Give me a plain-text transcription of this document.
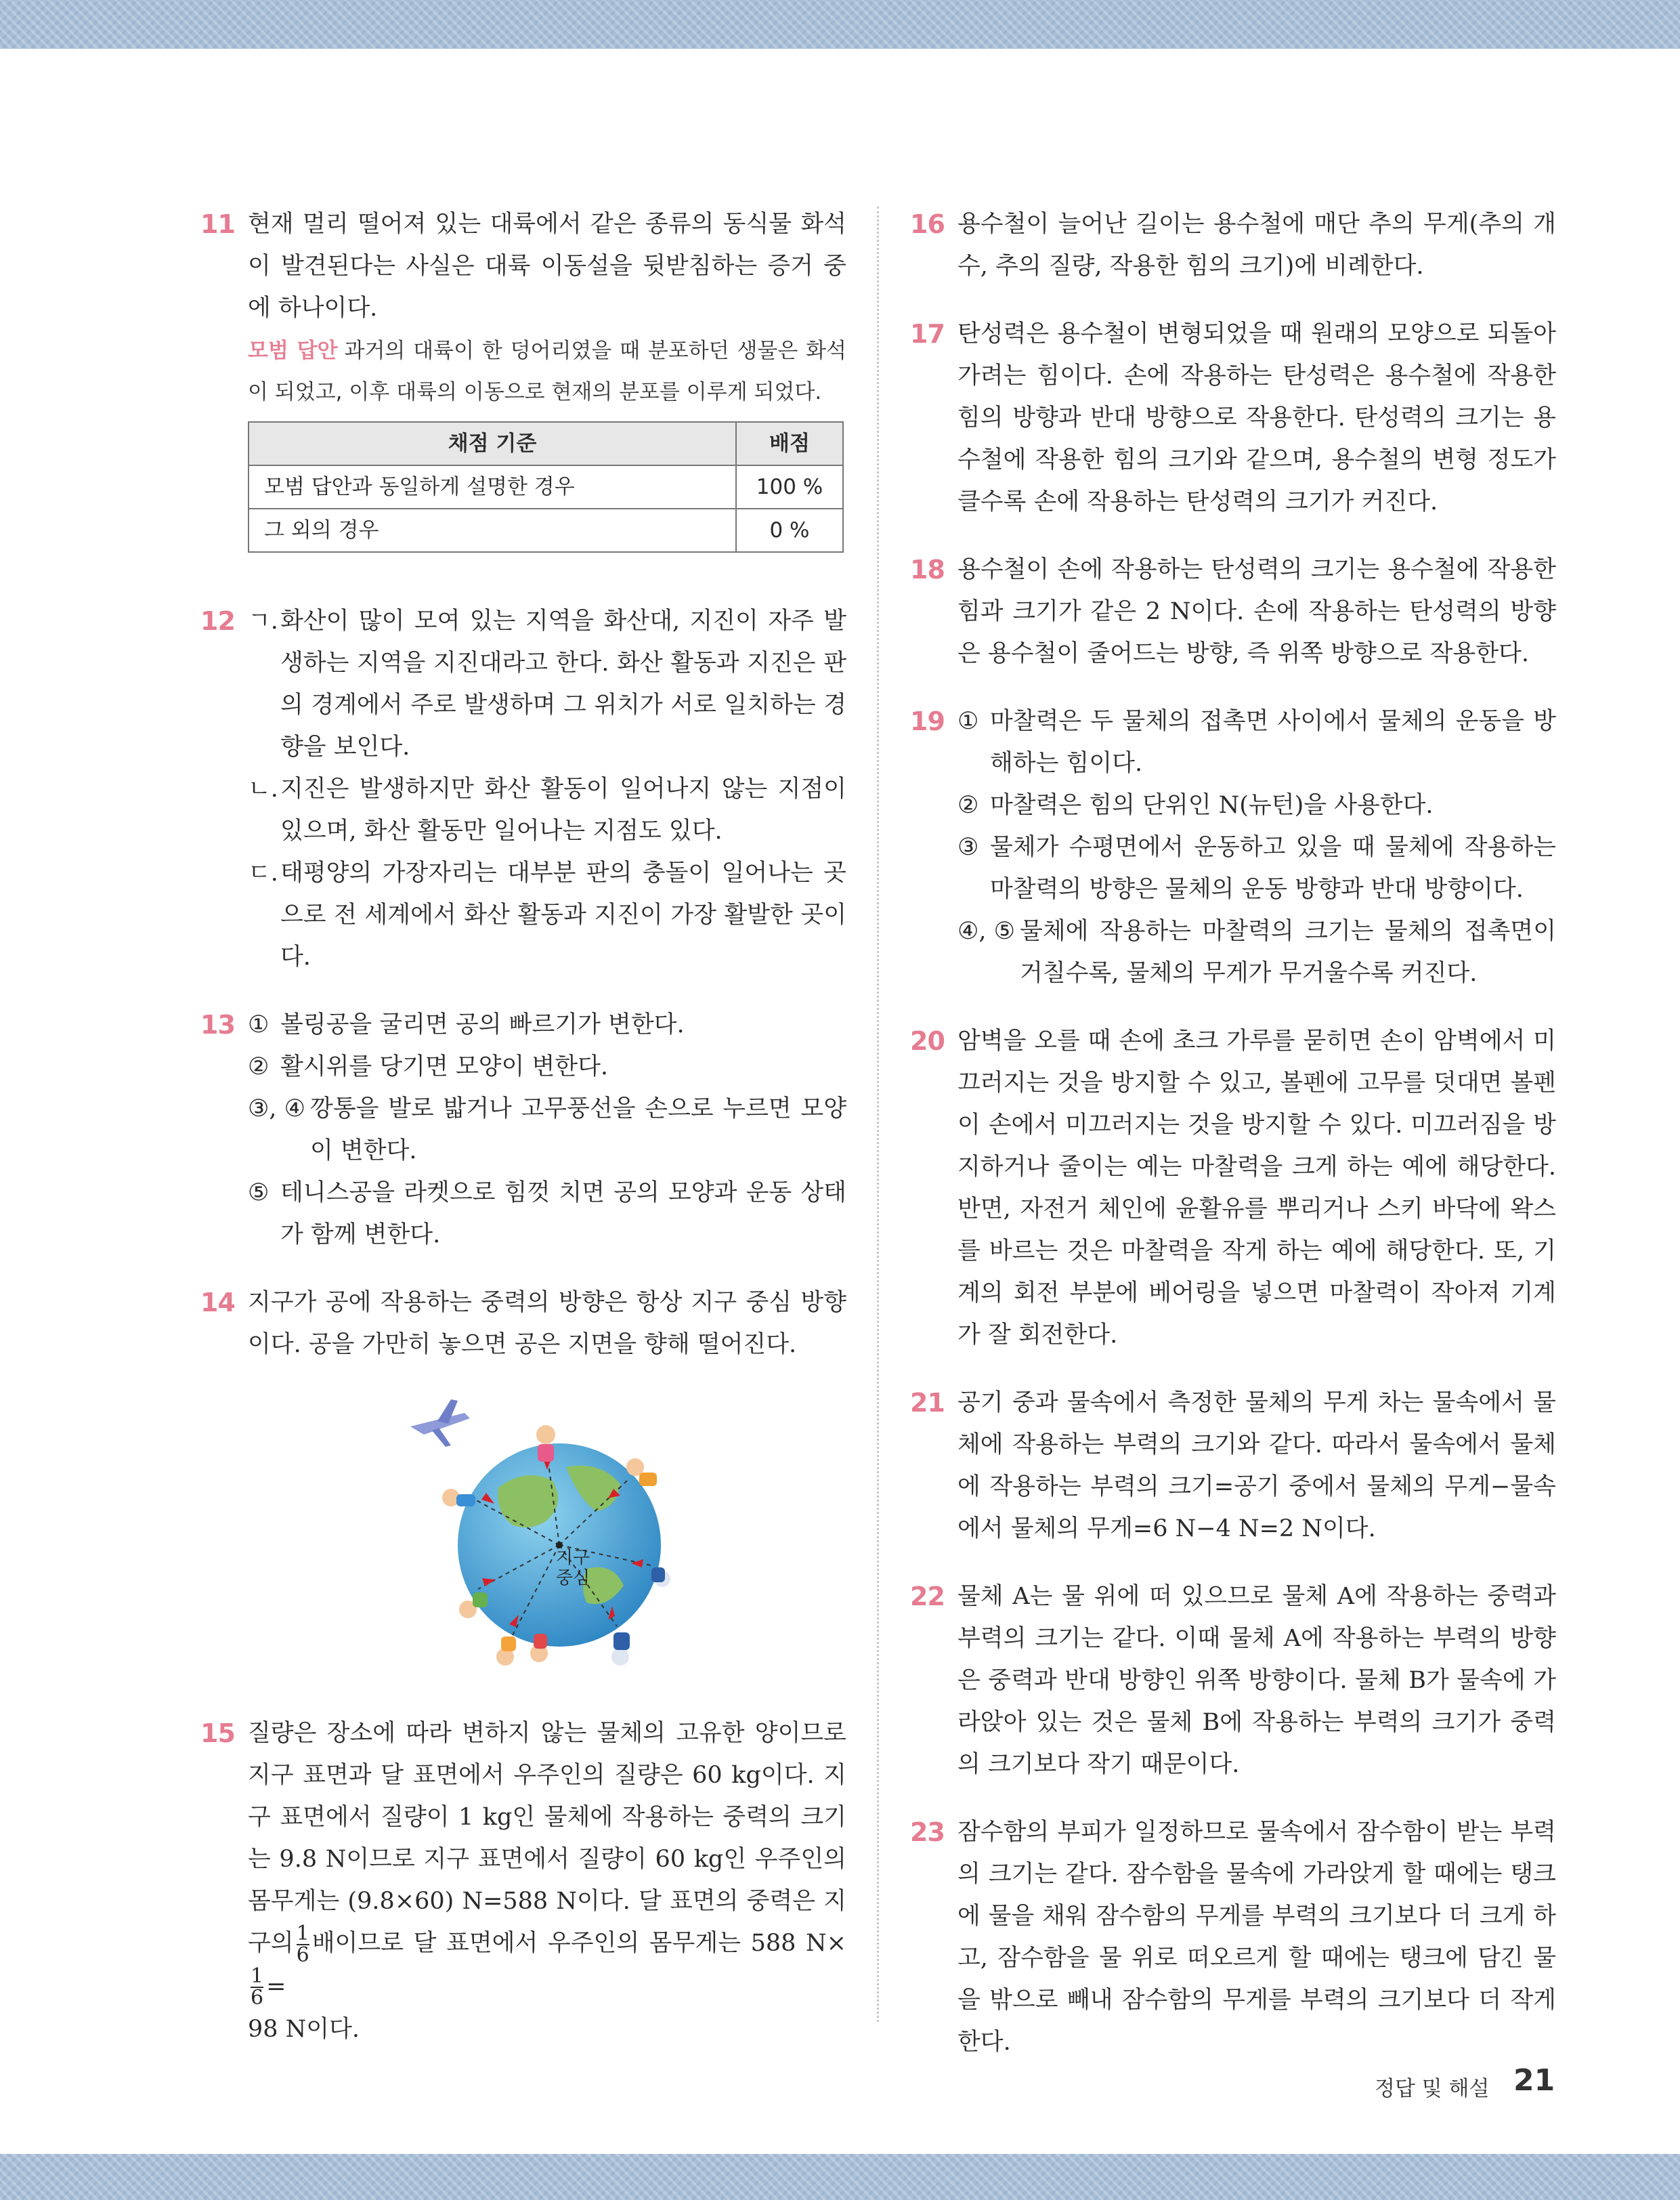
11 현재 멀리 떨어져 있는 대륙에서 같은 종류의 동식물 화석이 발견된다는 사실은 대륙 이동설을 뒷받침하는 증거 중에 하나이다.

모범 답안 과거의 대륙이 한 덩어리였을 때 분포하던 생물은 화석이 되었고, 이후 대륙의 이동으로 현재의 분포를 이루게 되었다.
채점 기준	배점
모범 답안과 동일하게 설명한 경우	100 %
그 외의 경우	0 %
12 ㄱ. 화산이 많이 모여 있는 지역을 화산대, 지진이 자주 발생하는 지역을 지진대라고 한다. 화산 활동과 지진은 판의 경계에서 주로 발생하며 그 위치가 서로 일치하는 경향을 보인다.
ㄴ. 지진은 발생하지만 화산 활동이 일어나지 않는 지점이 있으며, 화산 활동만 일어나는 지점도 있다.
ㄷ. 태평양의 가장자리는 대부분 판의 충돌이 일어나는 곳으로 전 세계에서 화산 활동과 지진이 가장 활발한 곳이다.
13 ① 볼링공을 굴리면 공의 빠르기가 변한다.
② 활시위를 당기면 모양이 변한다.
③, ④ 깡통을 발로 밟거나 고무풍선을 손으로 누르면 모양이 변한다.
⑤ 테니스공을 라켓으로 힘껏 치면 공의 모양과 운동 상태가 함께 변한다.
14 지구가 공에 작용하는 중력의 방향은 항상 지구 중심 방향이다. 공을 가만히 놓으면 공은 지면을 향해 떨어진다.

지구
중심
15 질량은 장소에 따라 변하지 않는 물체의 고유한 양이므로 지구 표면과 달 표면에서 우주인의 질량은 60 kg이다. 지구 표면에서 질량이 1 kg인 물체에 작용하는 중력의 크기는 9.8 N이므로 지구 표면에서 질량이 60 kg인 우주인의 몸무게는 (9.8×60) N=588 N이다. 달 표면의 중력은 지구의 $\frac{1}{6}$ 배이므로 달 표면에서 우주인의 몸무게는 588 N×
$\frac{1}{6}$ =
98 N이다.

16 용수철이 늘어난 길이는 용수철에 매단 추의 무게(추의 개수, 추의 질량, 작용한 힘의 크기)에 비례한다.

17 탄성력은 용수철이 변형되었을 때 원래의 모양으로 되돌아가려는 힘이다. 손에 작용하는 탄성력은 용수철에 작용한 힘의 방향과 반대 방향으로 작용한다. 탄성력의 크기는 용수철에 작용한 힘의 크기와 같으며, 용수철의 변형 정도가 클수록 손에 작용하는 탄성력의 크기가 커진다.

18 용수철이 손에 작용하는 탄성력의 크기는 용수철에 작용한 힘과 크기가 같은 2 N이다. 손에 작용하는 탄성력의 방향은 용수철이 줄어드는 방향, 즉 위쪽 방향으로 작용한다.

19 ① 마찰력은 두 물체의 접촉면 사이에서 물체의 운동을 방해하는 힘이다.
② 마찰력은 힘의 단위인 N(뉴턴)을 사용한다.
③ 물체가 수평면에서 운동하고 있을 때 물체에 작용하는 마찰력의 방향은 물체의 운동 방향과 반대 방향이다.
④, ⑤ 물체에 작용하는 마찰력의 크기는 물체의 접촉면이 거칠수록, 물체의 무게가 무거울수록 커진다.
20 암벽을 오를 때 손에 초크 가루를 묻히면 손이 암벽에서 미끄러지는 것을 방지할 수 있고, 볼펜에 고무를 덧대면 볼펜이 손에서 미끄러지는 것을 방지할 수 있다. 미끄러짐을 방지하거나 줄이는 예는 마찰력을 크게 하는 예에 해당한다. 반면, 자전거 체인에 윤활유를 뿌리거나 스키 바닥에 왁스를 바르는 것은 마찰력을 작게 하는 예에 해당한다. 또, 기계의 회전 부분에 베어링을 넣으면 마찰력이 작아져 기계가 잘 회전한다.

21 공기 중과 물속에서 측정한 물체의 무게 차는 물속에서 물체에 작용하는 부력의 크기와 같다. 따라서 물속에서 물체에 작용하는 부력의 크기=공기 중에서 물체의 무게−물속에서 물체의 무게=6 N−4 N=2 N이다.

22 물체 A는 물 위에 떠 있으므로 물체 A에 작용하는 중력과 부력의 크기는 같다. 이때 물체 A에 작용하는 부력의 방향은 중력과 반대 방향인 위쪽 방향이다. 물체 B가 물속에 가라앉아 있는 것은 물체 B에 작용하는 부력의 크기가 중력의 크기보다 작기 때문이다.

23 잠수함의 부피가 일정하므로 물속에서 잠수함이 받는 부력의 크기는 같다. 잠수함을 물속에 가라앉게 할 때에는 탱크에 물을 채워 잠수함의 무게를 부력의 크기보다 더 크게 하고, 잠수함을 물 위로 떠오르게 할 때에는 탱크에 담긴 물을 밖으로 빼내 잠수함의 무게를 부력의 크기보다 더 작게 한다.

정답 및 해설 21
